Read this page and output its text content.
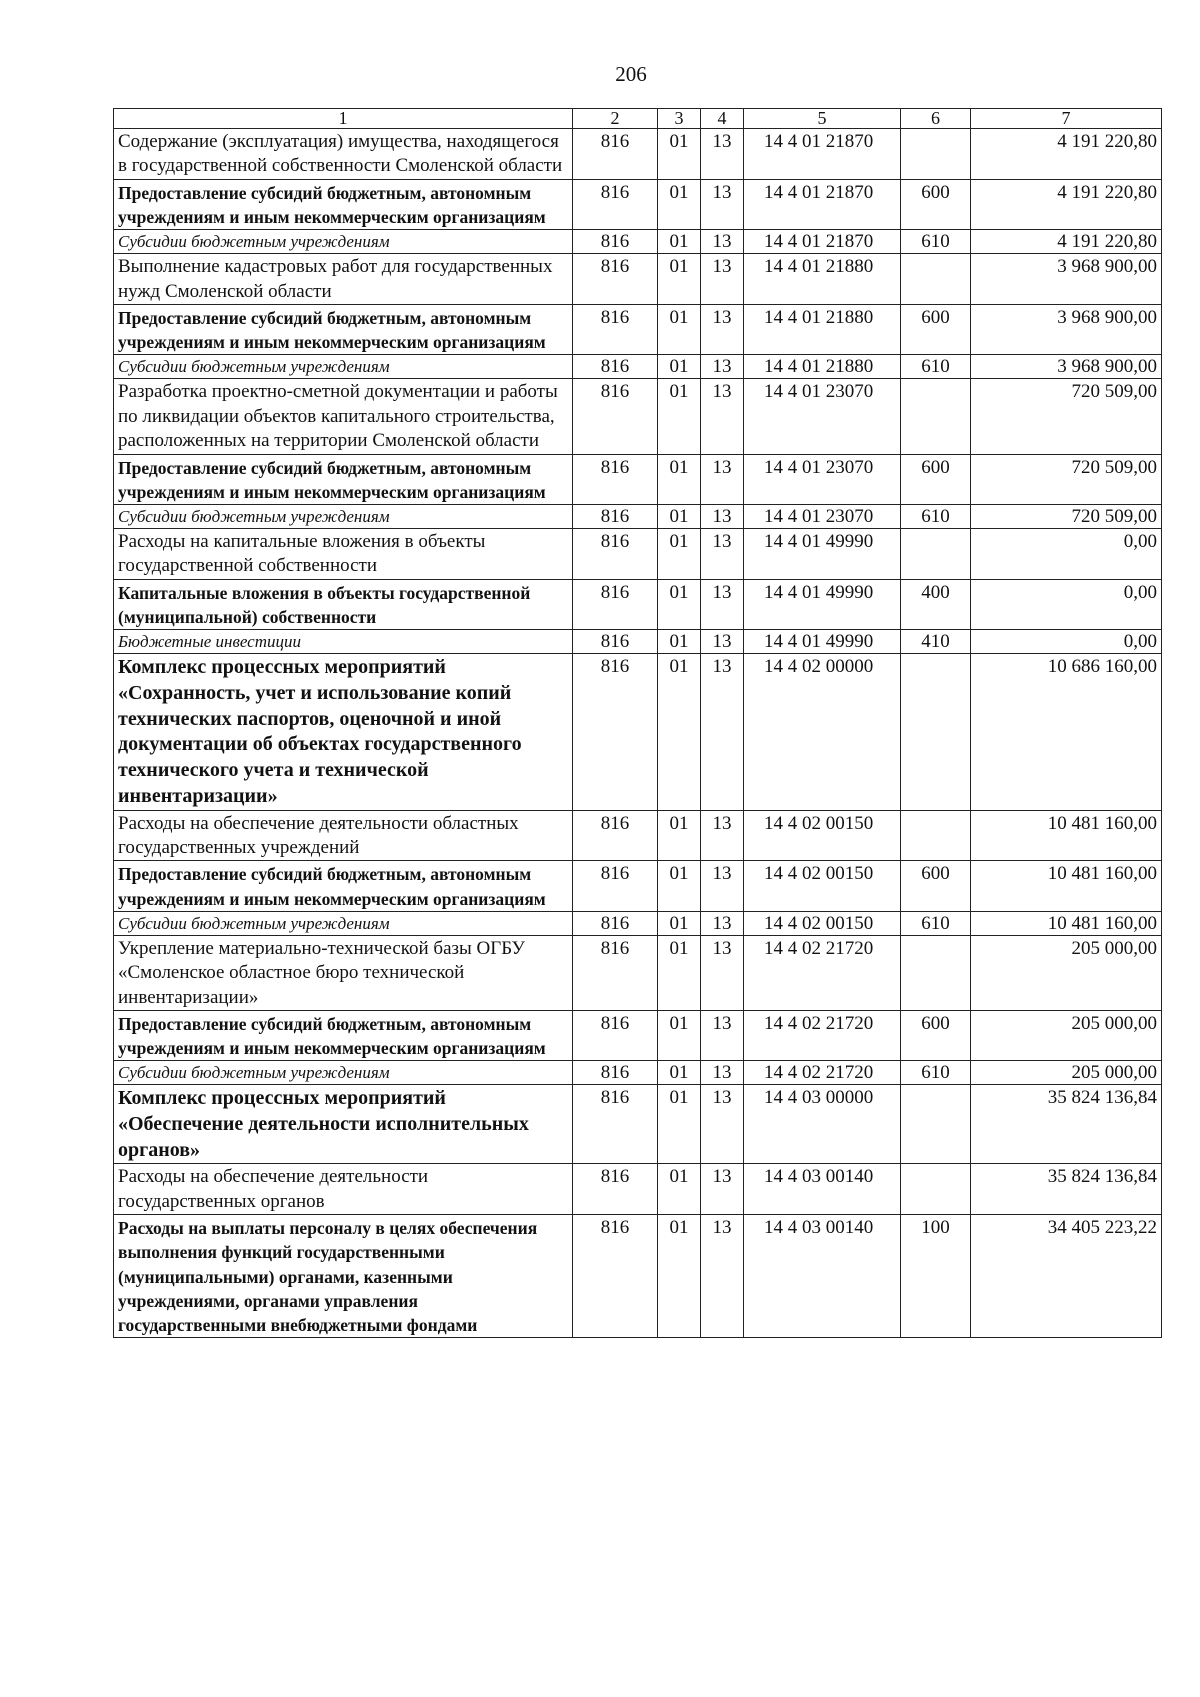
206
1	2	3	4	5	6	7
Содержание (эксплуатация) имущества, находящегося в государственной собственности Смоленской области	816	01	13	14 4 01 21870		4 191 220,80
Предоставление субсидий бюджетным, автономным учреждениям и иным некоммерческим организациям	816	01	13	14 4 01 21870	600	4 191 220,80
Субсидии бюджетным учреждениям	816	01	13	14 4 01 21870	610	4 191 220,80
Выполнение кадастровых работ для государственных нужд Смоленской области	816	01	13	14 4 01 21880		3 968 900,00
Предоставление субсидий бюджетным, автономным учреждениям и иным некоммерческим организациям	816	01	13	14 4 01 21880	600	3 968 900,00
Субсидии бюджетным учреждениям	816	01	13	14 4 01 21880	610	3 968 900,00
Разработка проектно-сметной документации и работы по ликвидации объектов капитального строительства, расположенных на территории Смоленской области	816	01	13	14 4 01 23070		720 509,00
Предоставление субсидий бюджетным, автономным учреждениям и иным некоммерческим организациям	816	01	13	14 4 01 23070	600	720 509,00
Субсидии бюджетным учреждениям	816	01	13	14 4 01 23070	610	720 509,00
Расходы на капитальные вложения в объекты государственной собственности	816	01	13	14 4 01 49990		0,00
Капитальные вложения в объекты государственной (муниципальной) собственности	816	01	13	14 4 01 49990	400	0,00
Бюджетные инвестиции	816	01	13	14 4 01 49990	410	0,00
Комплекс процессных мероприятий «Сохранность, учет и использование копий технических паспортов, оценочной и иной документации об объектах государственного технического учета и технической инвентаризации»	816	01	13	14 4 02 00000		10 686 160,00
Расходы на обеспечение деятельности областных государственных учреждений	816	01	13	14 4 02 00150		10 481 160,00
Предоставление субсидий бюджетным, автономным учреждениям и иным некоммерческим организациям	816	01	13	14 4 02 00150	600	10 481 160,00
Субсидии бюджетным учреждениям	816	01	13	14 4 02 00150	610	10 481 160,00
Укрепление материально-технической базы ОГБУ «Смоленское областное бюро технической инвентаризации»	816	01	13	14 4 02 21720		205 000,00
Предоставление субсидий бюджетным, автономным учреждениям и иным некоммерческим организациям	816	01	13	14 4 02 21720	600	205 000,00
Субсидии бюджетным учреждениям	816	01	13	14 4 02 21720	610	205 000,00
Комплекс процессных мероприятий «Обеспечение деятельности исполнительных органов»	816	01	13	14 4 03 00000		35 824 136,84
Расходы на обеспечение деятельности государственных органов	816	01	13	14 4 03 00140		35 824 136,84
Расходы на выплаты персоналу в целях обеспечения выполнения функций государственными (муниципальными) органами, казенными учреждениями, органами управления государственными внебюджетными фондами	816	01	13	14 4 03 00140	100	34 405 223,22
